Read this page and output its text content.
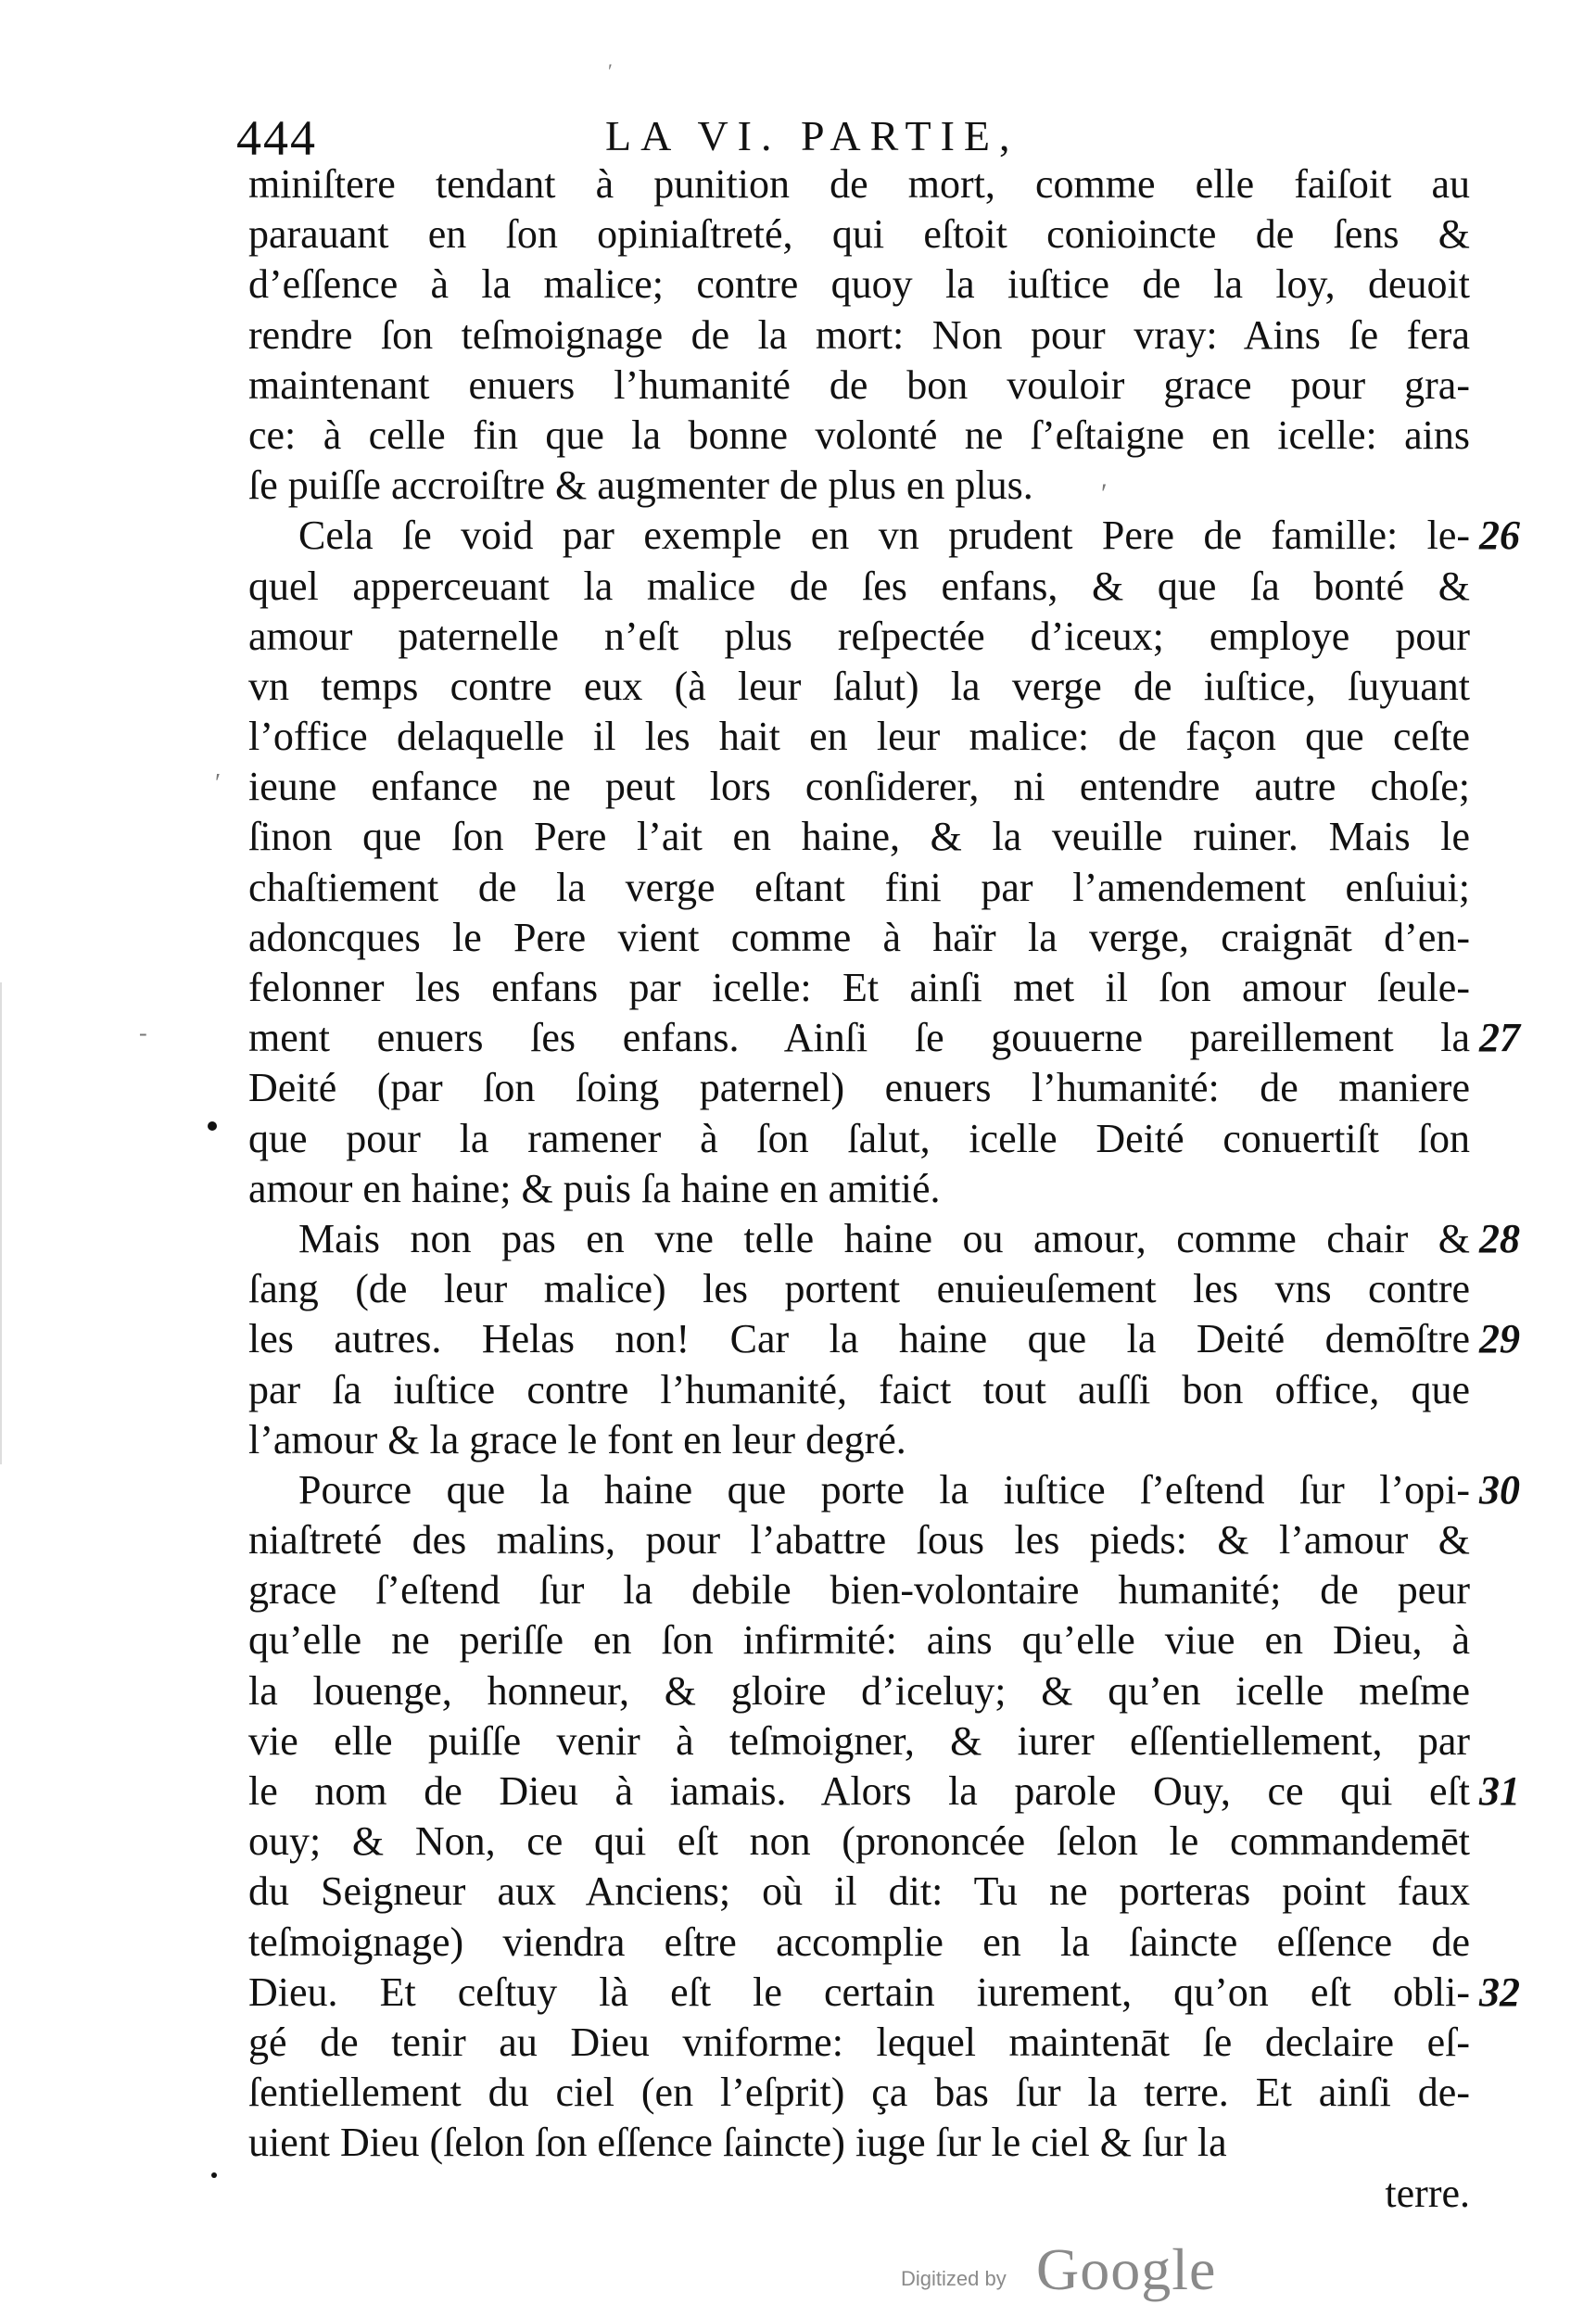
444	LA VI. PARTIE,
miniſtere tendant à punition de mort, comme elle faiſoit au
parauant en ſon opiniaſtreté, qui eſtoit conioincte de ſens &
d’eſſence à la malice; contre quoy la iuſtice de la loy, deuoit
rendre ſon teſmoignage de la mort: Non pour vray: Ains ſe fera
maintenant enuers l’humanité de bon vouloir grace pour gra-
ce: à celle fin que la bonne volonté ne ſ’eſtaigne en icelle: ains
ſe puiſſe accroiſtre & augmenter de plus en plus.
Cela ſe void par exemple en vn prudent Pere de famille: le- 26
quel apperceuant la malice de ſes enfans, & que ſa bonté &
amour paternelle n’eſt plus reſpectée d’iceux; employe pour
vn temps contre eux (à leur ſalut) la verge de iuſtice, ſuyuant
l’office delaquelle il les hait en leur malice: de façon que ceſte
ieune enfance ne peut lors conſiderer, ni entendre autre choſe;
ſinon que ſon Pere l’ait en haine, & la veuille ruiner. Mais le
chaſtiement de la verge eſtant fini par l’amendement enſuiui;
adoncques le Pere vient comme à haïr la verge, craignāt d’en-
felonner les enfans par icelle: Et ainſi met il ſon amour ſeule-
ment enuers ſes enfans. Ainſi ſe gouuerne pareillement la 27
Deité (par ſon ſoing paternel) enuers l’humanité: de maniere
que pour la ramener à ſon ſalut, icelle Deité conuertiſt ſon
amour en haine; & puis ſa haine en amitié.
Mais non pas en vne telle haine ou amour, comme chair & 28
ſang (de leur malice) les portent enuieuſement les vns contre
les autres. Helas non! Car la haine que la Deité demōſtre 29
par ſa iuſtice contre l’humanité, faict tout auſſi bon office, que
l’amour & la grace le font en leur degré.
Pource que la haine que porte la iuſtice ſ’eſtend ſur l’opi- 30
niaſtreté des malins, pour l’abattre ſous les pieds: & l’amour &
grace ſ’eſtend ſur la debile bien-volontaire humanité; de peur
qu’elle ne periſſe en ſon infirmité: ains qu’elle viue en Dieu, à
la louenge, honneur, & gloire d’iceluy; & qu’en icelle meſme
vie elle puiſſe venir à teſmoigner, & iurer eſſentiellement, par
le nom de Dieu à iamais. Alors la parole Ouy, ce qui eſt 31
ouy; & Non, ce qui eſt non (prononcée ſelon le commandemēt
du Seigneur aux Anciens; où il dit: Tu ne porteras point faux
teſmoignage) viendra eſtre accomplie en la ſaincte eſſence de
Dieu. Et ceſtuy là eſt le certain iurement, qu’on eſt obli- 32
gé de tenir au Dieu vniforme: lequel maintenāt ſe declaire eſ-
ſentiellement du ciel (en l’eſprit) ça bas ſur la terre. Et ainſi de-
uient Dieu (ſelon ſon eſſence ſaincte) iuge ſur le ciel & ſur la
terre.
′
′
′
-
Digitized by Google
